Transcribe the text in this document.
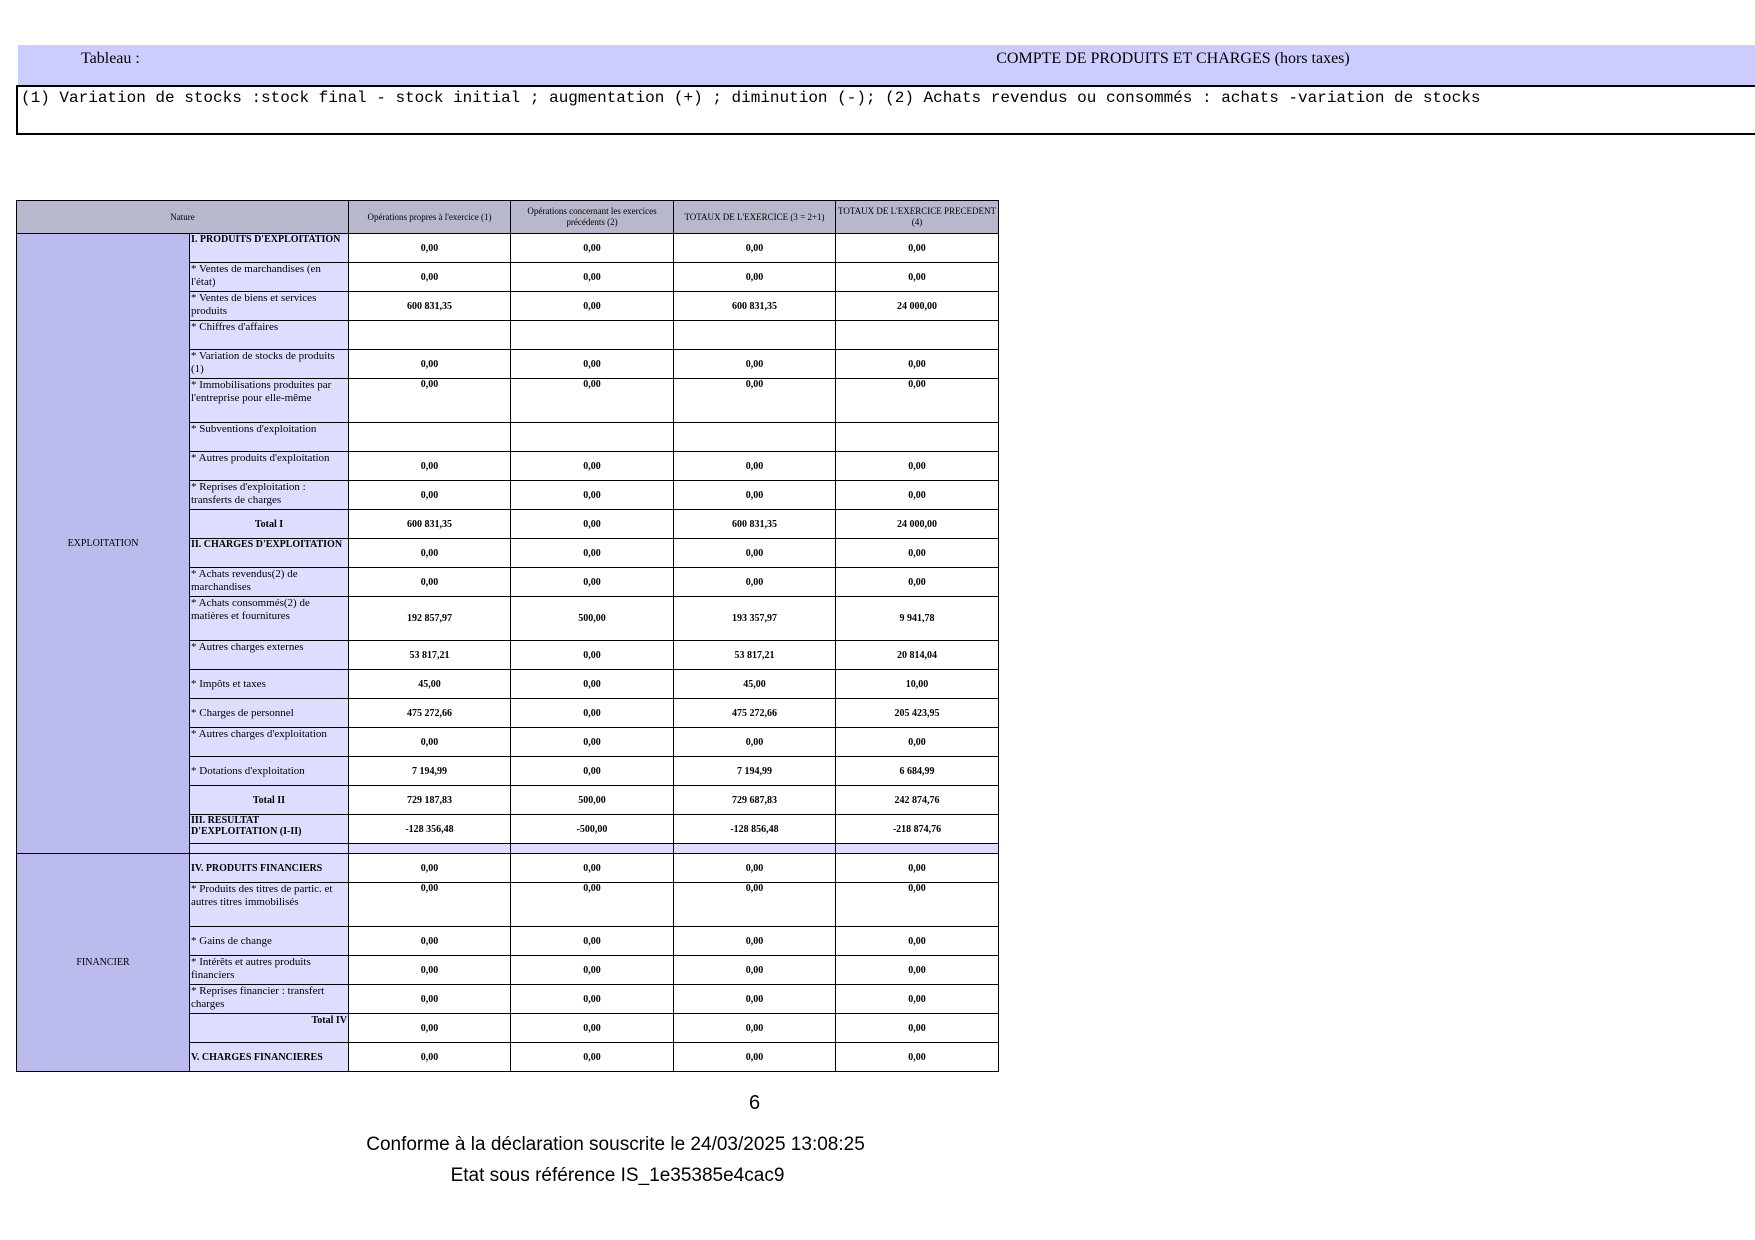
Tableau :	COMPTE DE PRODUITS ET CHARGES (hors taxes)
(1) Variation de stocks :stock final - stock initial ; augmentation (+) ; diminution (-); (2) Achats revendus ou consommés : achats -variation de stocks
Nature		Opérations propres à l'exercice (1)	Opérations concernant les exercices précédents (2)	TOTAUX DE L'EXERCICE (3 = 2+1)	TOTAUX DE L'EXERCICE PRECEDENT (4)
EXPLOITATION	I. PRODUITS D'EXPLOITATION	0,00	0,00	0,00	0,00
	* Ventes de marchandises (en l'état)	0,00	0,00	0,00	0,00
	* Ventes de biens et services produits	600 831,35	0,00	600 831,35	24 000,00
	* Chiffres d'affaires				
	* Variation de stocks de produits (1)	0,00	0,00	0,00	0,00
	* Immobilisations produites par l'entreprise pour elle-même	0,00	0,00	0,00	0,00
	* Subventions d'exploitation				
	* Autres produits d'exploitation	0,00	0,00	0,00	0,00
	* Reprises d'exploitation : transferts de charges	0,00	0,00	0,00	0,00
	Total I	600 831,35	0,00	600 831,35	24 000,00
	II. CHARGES D'EXPLOITATION	0,00	0,00	0,00	0,00
	* Achats revendus(2) de marchandises	0,00	0,00	0,00	0,00
	* Achats consommés(2) de matières et fournitures	192 857,97	500,00	193 357,97	9 941,78
	* Autres charges externes	53 817,21	0,00	53 817,21	20 814,04
	* Impôts et taxes	45,00	0,00	45,00	10,00
	* Charges de personnel	475 272,66	0,00	475 272,66	205 423,95
	* Autres charges d'exploitation	0,00	0,00	0,00	0,00
	* Dotations d'exploitation	7 194,99	0,00	7 194,99	6 684,99
	Total II	729 187,83	500,00	729 687,83	242 874,76
	III. RESULTAT D'EXPLOITATION (I-II)	-128 356,48	-500,00	-128 856,48	-218 874,76

FINANCIER	IV. PRODUITS FINANCIERS	0,00	0,00	0,00	0,00
	* Produits des titres de partic. et autres titres immobilisés	0,00	0,00	0,00	0,00
	* Gains de change	0,00	0,00	0,00	0,00
	* Intérêts et autres produits financiers	0,00	0,00	0,00	0,00
	* Reprises financier : transfert charges	0,00	0,00	0,00	0,00
	Total IV	0,00	0,00	0,00	0,00
	V. CHARGES FINANCIERES	0,00	0,00	0,00	0,00
6
Conforme à la déclaration souscrite le 24/03/2025 13:08:25
Etat sous référence IS_1e35385e4cac9
